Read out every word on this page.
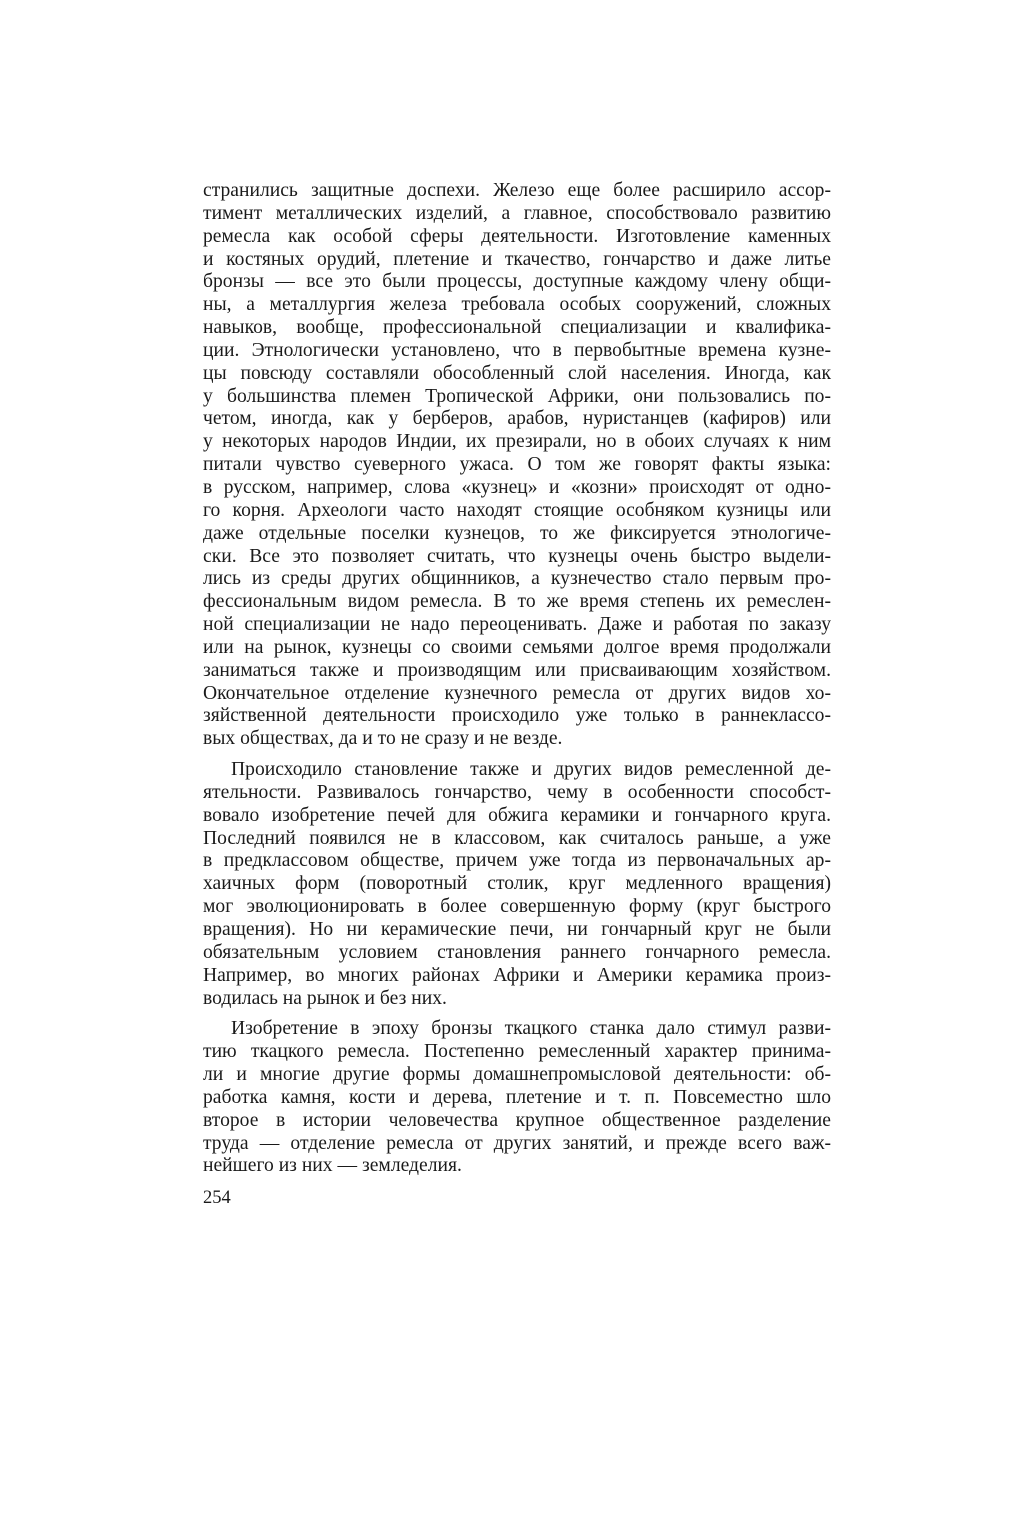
странились защитные доспехи. Железо еще более расширило ассор-
тимент металлических изделий, а главное, способствовало развитию
ремесла как особой сферы деятельности. Изготовление каменных
и костяных орудий, плетение и ткачество, гончарство и даже литье
бронзы — все это были процессы, доступные каждому члену общи-
ны, а металлургия железа требовала особых сооружений, сложных
навыков, вообще, профессиональной специализации и квалифика-
ции. Этнологически установлено, что в первобытные времена кузне-
цы повсюду составляли обособленный слой населения. Иногда, как
у большинства племен Тропической Африки, они пользовались по-
четом, иногда, как у берберов, арабов, нуристанцев (кафиров) или
у некоторых народов Индии, их презирали, но в обоих случаях к ним
питали чувство суеверного ужаса. О том же говорят факты языка:
в русском, например, слова «кузнец» и «козни» происходят от одно-
го корня. Археологи часто находят стоящие особняком кузницы или
даже отдельные поселки кузнецов, то же фиксируется этнологиче-
ски. Все это позволяет считать, что кузнецы очень быстро выдели-
лись из среды других общинников, а кузнечество стало первым про-
фессиональным видом ремесла. В то же время степень их ремеслен-
ной специализации не надо переоценивать. Даже и работая по заказу
или на рынок, кузнецы со своими семьями долгое время продолжали
заниматься также и производящим или присваивающим хозяйством.
Окончательное отделение кузнечного ремесла от других видов хо-
зяйственной деятельности происходило уже только в раннеклассо-
вых обществах, да и то не сразу и не везде.

Происходило становление также и других видов ремесленной де-
ятельности. Развивалось гончарство, чему в особенности способст-
вовало изобретение печей для обжига керамики и гончарного круга.
Последний появился не в классовом, как считалось раньше, а уже
в предклассовом обществе, причем уже тогда из первоначальных ар-
хаичных форм (поворотный столик, круг медленного вращения)
мог эволюционировать в более совершенную форму (круг быстрого
вращения). Но ни керамические печи, ни гончарный круг не были
обязательным условием становления раннего гончарного ремесла.
Например, во многих районах Африки и Америки керамика произ-
водилась на рынок и без них.

Изобретение в эпоху бронзы ткацкого станка дало стимул разви-
тию ткацкого ремесла. Постепенно ремесленный характер принима-
ли и многие другие формы домашнепромысловой деятельности: об-
работка камня, кости и дерева, плетение и т. п. Повсеместно шло
второе в истории человечества крупное общественное разделение
труда — отделение ремесла от других занятий, и прежде всего важ-
нейшего из них — земледелия.

254
